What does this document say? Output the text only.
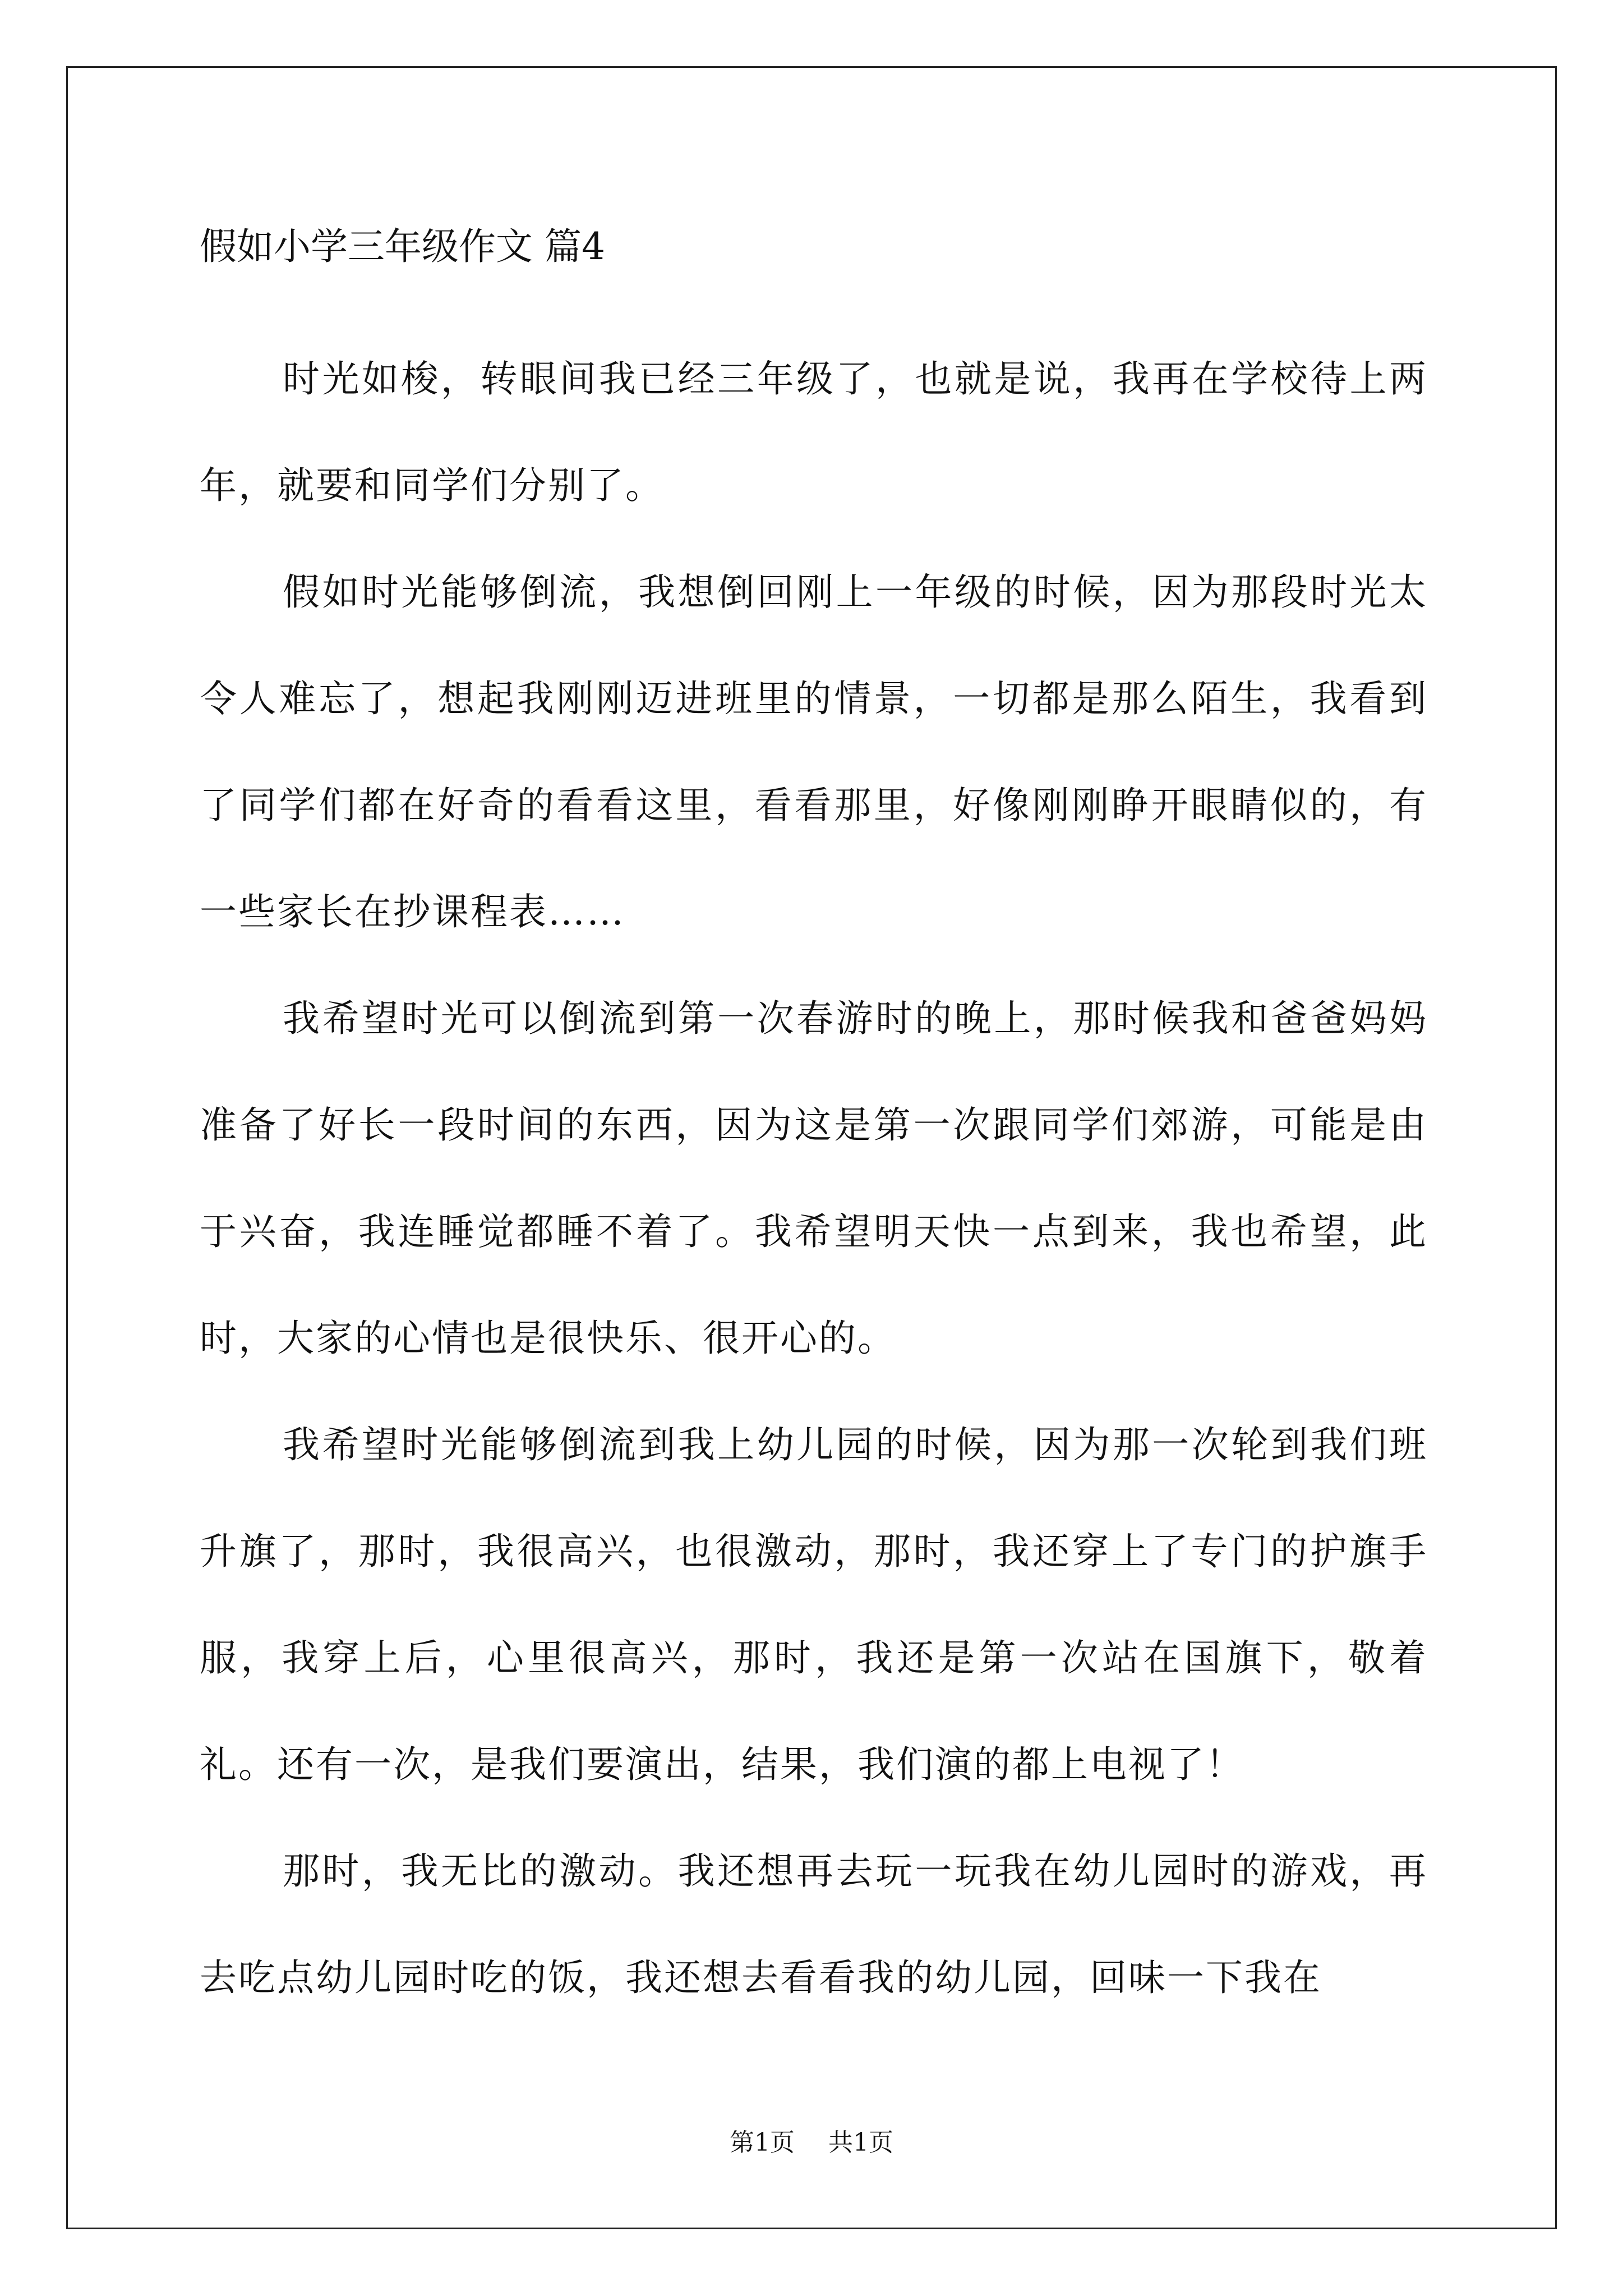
假如小学三年级作文 篇4

时光如梭，转眼间我已经三年级了，也就是说，我再在学校待上两年，就要和同学们分别了。

假如时光能够倒流，我想倒回刚上一年级的时候，因为那段时光太令人难忘了，想起我刚刚迈进班里的情景，一切都是那么陌生，我看到了同学们都在好奇的看看这里，看看那里，好像刚刚睁开眼睛似的，有一些家长在抄课程表……

我希望时光可以倒流到第一次春游时的晚上，那时候我和爸爸妈妈准备了好长一段时间的东西，因为这是第一次跟同学们郊游，可能是由于兴奋，我连睡觉都睡不着了。我希望明天快一点到来，我也希望，此时，大家的心情也是很快乐、很开心的。

我希望时光能够倒流到我上幼儿园的时候，因为那一次轮到我们班升旗了，那时，我很高兴，也很激动，那时，我还穿上了专门的护旗手服，我穿上后，心里很高兴，那时，我还是第一次站在国旗下，敬着礼。还有一次，是我们要演出，结果，我们演的都上电视了！

那时，我无比的激动。我还想再去玩一玩我在幼儿园时的游戏，再去吃点幼儿园时吃的饭，我还想去看看我的幼儿园，回味一下我在

第1页 共1页
